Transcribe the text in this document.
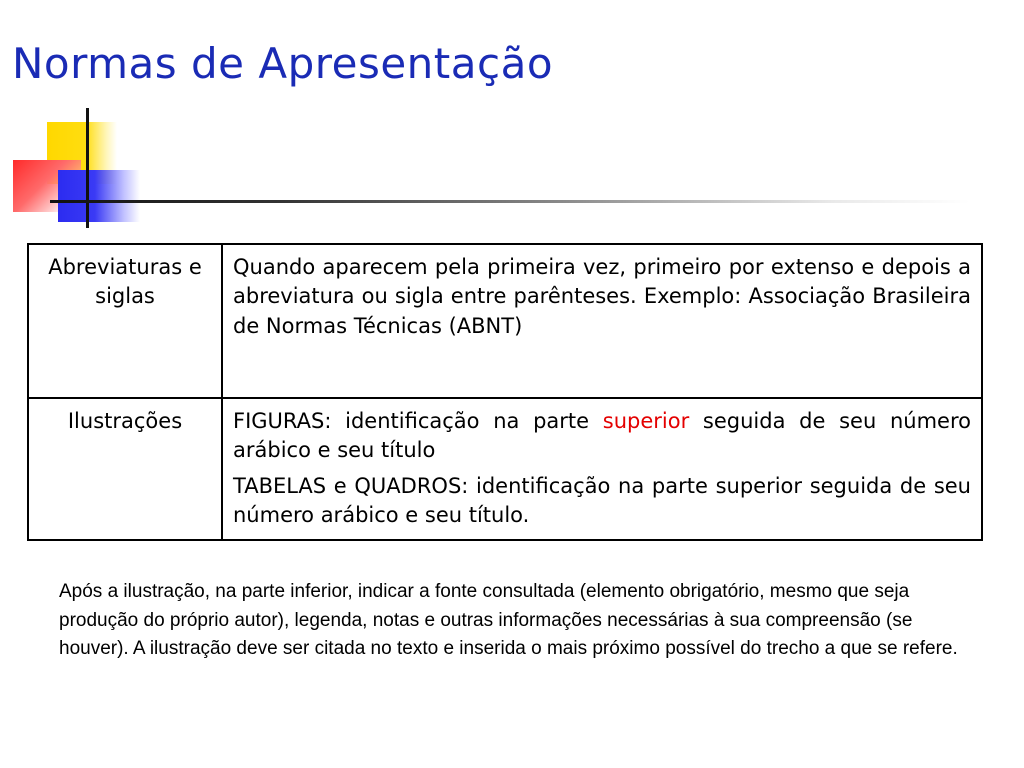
Normas de Apresentação
Abreviaturas e siglas	Quando aparecem pela primeira vez, primeiro por extenso e depois a abreviatura ou sigla entre parênteses. Exemplo: Associação Brasileira de Normas Técnicas (ABNT)

Ilustrações	FIGURAS: identificação na parte superior seguida de seu número arábico e seu título

TABELAS e QUADROS: identificação na parte superior seguida de seu número arábico e seu título.

Após a ilustração, na parte inferior, indicar a fonte consultada (elemento obrigatório, mesmo que seja produção do próprio autor), legenda, notas e outras informações necessárias à sua compreensão (se houver). A ilustração deve ser citada no texto e inserida o mais próximo possível do trecho a que se refere.
